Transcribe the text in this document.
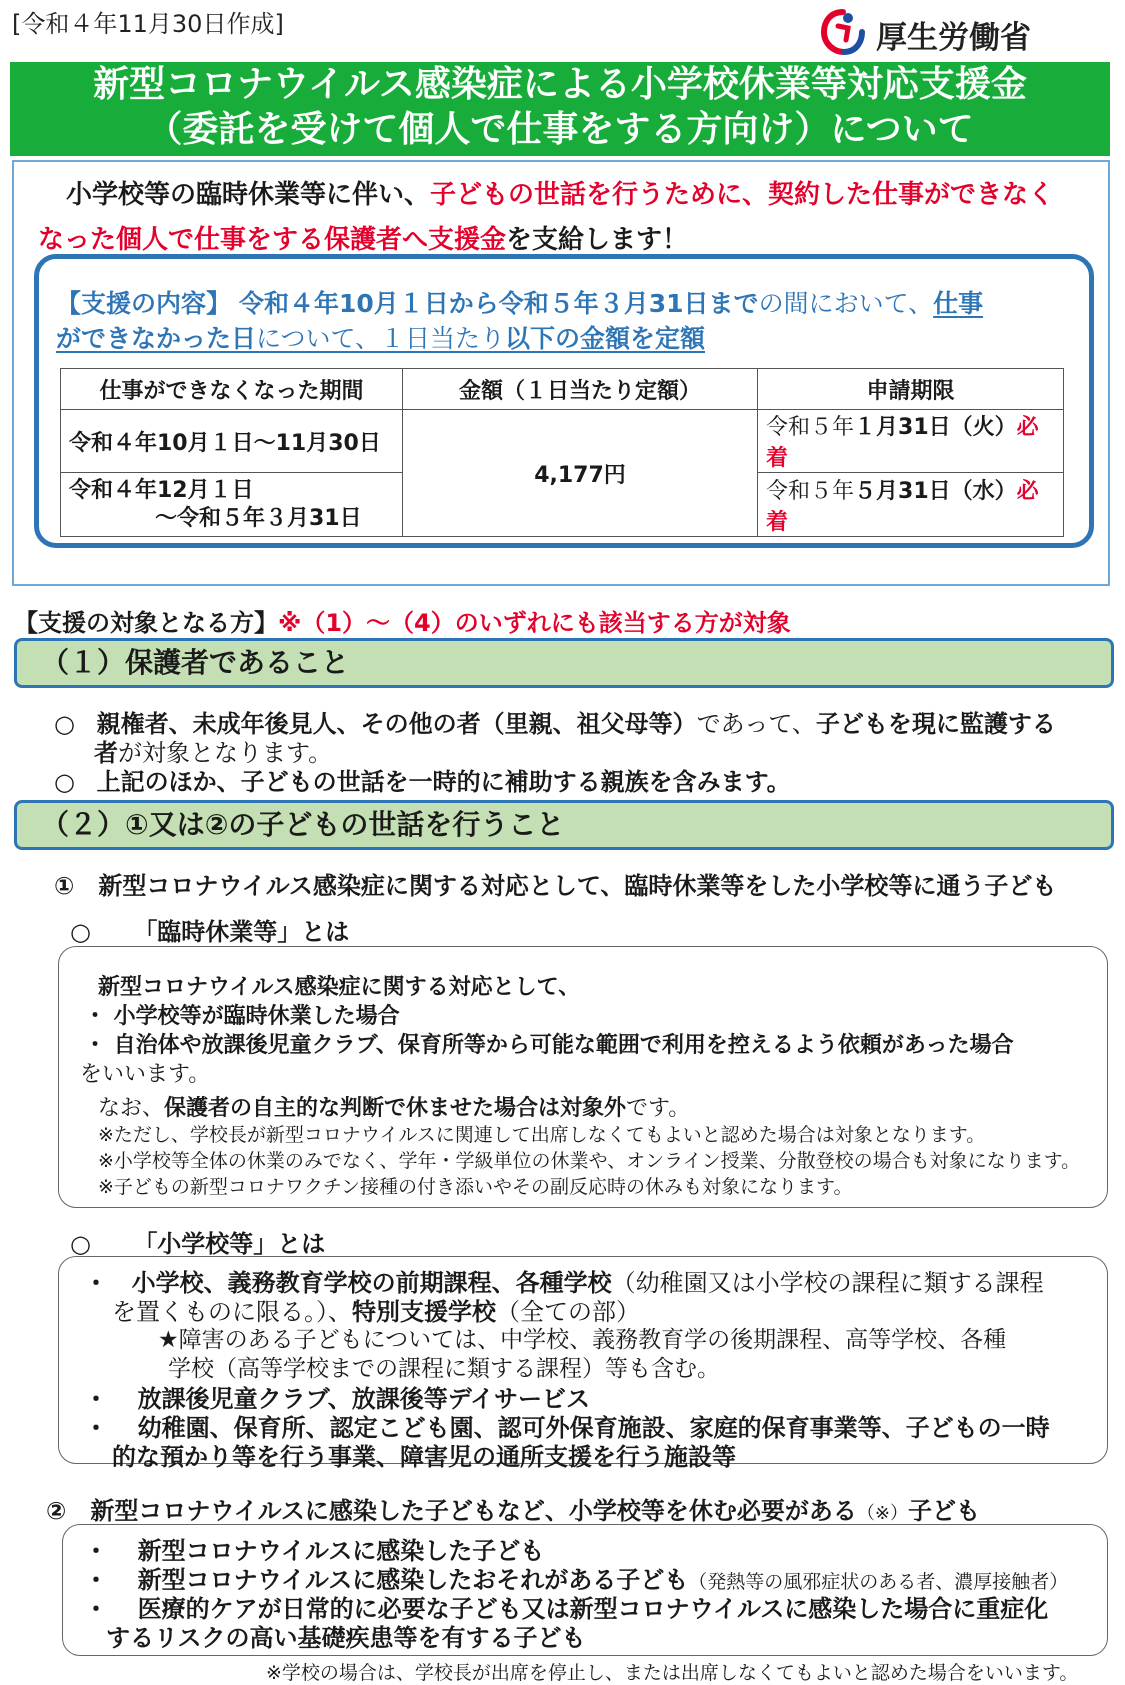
[令和４年11月30日作成]	厚生労働省
新型コロナウイルス感染症による小学校休業等対応支援金
（委託を受けて個人で仕事をする方向け）について
小学校等の臨時休業等に伴い、子どもの世話を行うために、契約した仕事ができなく
なった個人で仕事をする保護者へ支援金を支給します！
【支援の内容】 令和４年10月１日から令和５年３月31日までの間において、仕事
ができなかった日について、１日当たり以下の金額を定額
仕事ができなくなった期間	金額（１日当たり定額）	申請期限
令和４年10月１日～11月30日	4,177円	令和５年１月31日（火）必着
令和４年12月１日
～令和５年３月31日		令和５年５月31日（水）必着
【支援の対象となる方】※（1）～（4）のいずれにも該当する方が対象
（１）保護者であること
○ 親権者、未成年後見人、その他の者（里親、祖父母等）であって、子どもを現に監護する
者が対象となります。
○ 上記のほか、子どもの世話を一時的に補助する親族を含みます。
（２）①又は②の子どもの世話を行うこと
①　新型コロナウイルス感染症に関する対応として、臨時休業等をした小学校等に通う子ども
○ 「臨時休業等」とは
新型コロナウイルス感染症に関する対応として、
・ 小学校等が臨時休業した場合
・ 自治体や放課後児童クラブ、保育所等から可能な範囲で利用を控えるよう依頼があった場合
をいいます。
なお、保護者の自主的な判断で休ませた場合は対象外です。
※ただし、学校長が新型コロナウイルスに関連して出席しなくてもよいと認めた場合は対象となります。
※小学校等全体の休業のみでなく、学年・学級単位の休業や、オンライン授業、分散登校の場合も対象になります。
※子どもの新型コロナワクチン接種の付き添いやその副反応時の休みも対象になります。
○ 「小学校等」とは
・ 小学校、義務教育学校の前期課程、各種学校（幼稚園又は小学校の課程に類する課程
を置くものに限る。）、特別支援学校（全ての部）
★障害のある子どもについては、中学校、義務教育学の後期課程、高等学校、各種
学校（高等学校までの課程に類する課程）等も含む。
・ 放課後児童クラブ、放課後等デイサービス
・ 幼稚園、保育所、認定こども園、認可外保育施設、家庭的保育事業等、子どもの一時
的な預かり等を行う事業、障害児の通所支援を行う施設等
②　新型コロナウイルスに感染した子どもなど、小学校等を休む必要がある（※）子ども
・ 新型コロナウイルスに感染した子ども
・ 新型コロナウイルスに感染したおそれがある子ども（発熱等の風邪症状のある者、濃厚接触者）
・ 医療的ケアが日常的に必要な子ども又は新型コロナウイルスに感染した場合に重症化
するリスクの高い基礎疾患等を有する子ども
※学校の場合は、学校長が出席を停止し、または出席しなくてもよいと認めた場合をいいます。
